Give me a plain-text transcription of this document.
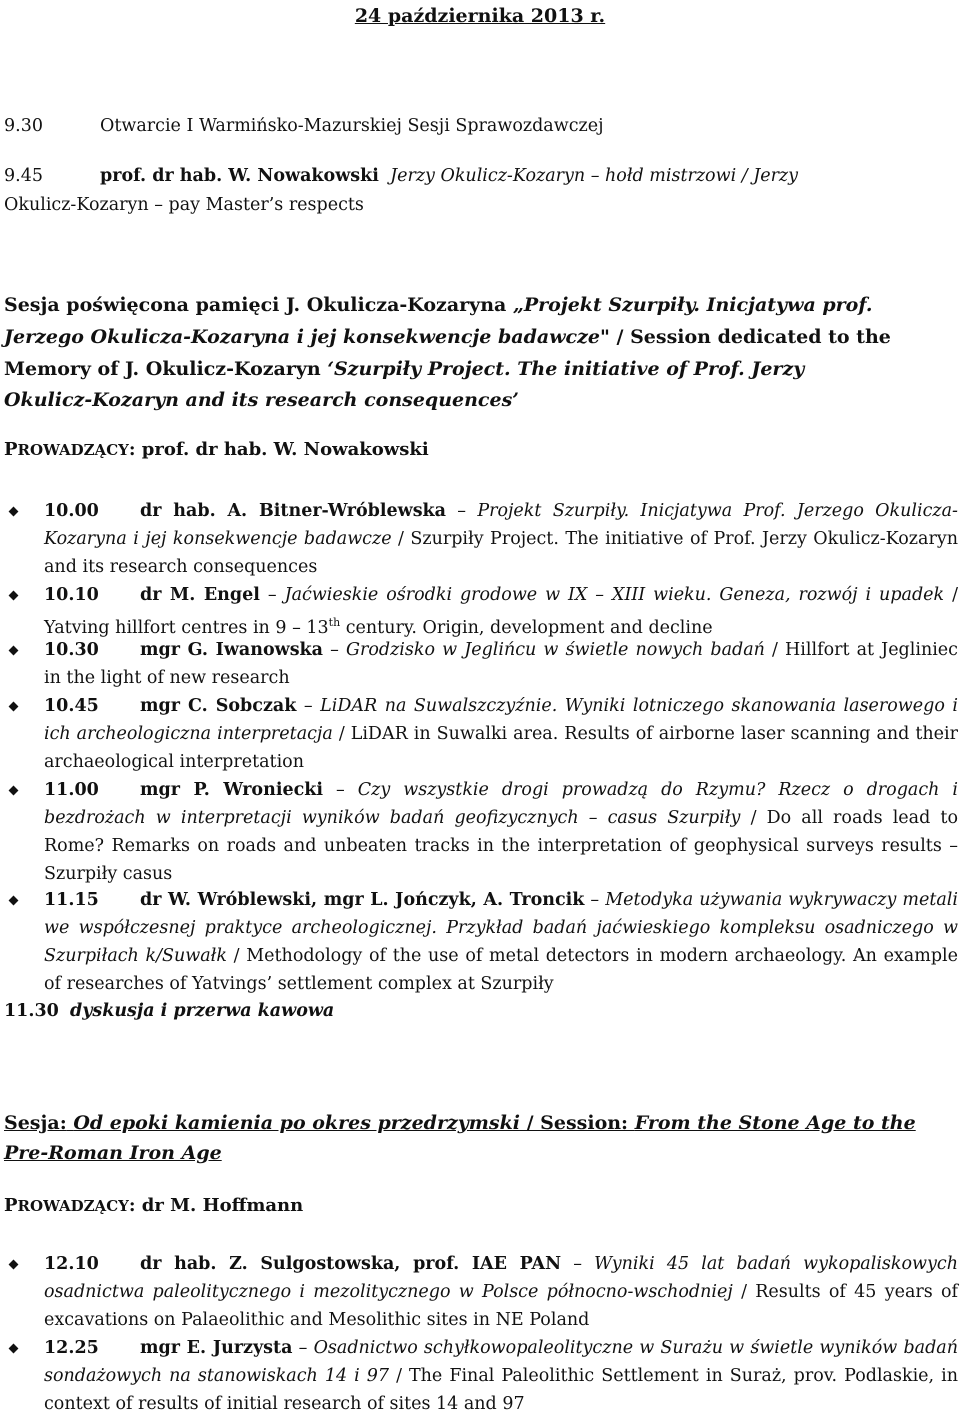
24 października 2013 r.
9.30	Otwarcie I Warmińsko-Mazurskiej Sesji Sprawozdawczej
9.45	prof. dr hab. W. Nowakowski Jerzy Okulicz-Kozaryn – hołd mistrzowi / Jerzy
Okulicz-Kozaryn – pay Master’s respects
Sesja poświęcona pamięci J. Okulicza-Kozaryna „Projekt Szurpiły. Inicjatywa prof.
Jerzego Okulicza-Kozaryna i jej konsekwencje badawcze" / Session dedicated to the
Memory of J. Okulicz-Kozaryn ‘Szurpiły Project. The initiative of Prof. Jerzy
Okulicz-Kozaryn and its research consequences’
PROWADZĄCY: prof. dr hab. W. Nowakowski
10.00 dr hab. A. Bitner-Wróblewska – Projekt Szurpiły. Inicjatywa Prof. Jerzego Okulicza-Kozaryna i jej konsekwencje badawcze / Szurpiły Project. The initiative of Prof. Jerzy Okulicz-Kozaryn and its research consequences
10.10 dr M. Engel – Jaćwieskie ośrodki grodowe w IX – XIII wieku. Geneza, rozwój i upadek / Yatving hillfort centres in 9 – 13th century. Origin, development and decline
10.30 mgr G. Iwanowska – Grodzisko w Jeglińcu w świetle nowych badań / Hillfort at Jegliniec in the light of new research
10.45 mgr C. Sobczak – LiDAR na Suwalszczyźnie. Wyniki lotniczego skanowania laserowego i ich archeologiczna interpretacja / LiDAR in Suwalki area. Results of airborne laser scanning and their archaeological interpretation
11.00 mgr P. Wroniecki – Czy wszystkie drogi prowadzą do Rzymu? Rzecz o drogach i bezdrożach w interpretacji wyników badań geofizycznych – casus Szurpiły / Do all roads lead to Rome? Remarks on roads and unbeaten tracks in the interpretation of geophysical surveys results – Szurpiły casus
11.15 dr W. Wróblewski, mgr L. Jończyk, A. Troncik – Metodyka używania wykrywaczy metali we współczesnej praktyce archeologicznej. Przykład badań jaćwieskiego kompleksu osadniczego w Szurpiłach k/Suwałk / Methodology of the use of metal detectors in modern archaeology. An example of researches of Yatvings’ settlement complex at Szurpiły
11.30 dyskusja i przerwa kawowa
Sesja: Od epoki kamienia po okres przedrzymski / Session: From the Stone Age to the Pre-Roman Iron Age
PROWADZĄCY: dr M. Hoffmann
12.10 dr hab. Z. Sulgostowska, prof. IAE PAN – Wyniki 45 lat badań wykopaliskowych osadnictwa paleolitycznego i mezolitycznego w Polsce północno-wschodniej / Results of 45 years of excavations on Palaeolithic and Mesolithic sites in NE Poland
12.25 mgr E. Jurzysta – Osadnictwo schyłkowopaleolityczne w Surażu w świetle wyników badań sondażowych na stanowiskach 14 i 97 / The Final Paleolithic Settlement in Suraż, prov. Podlaskie, in context of results of initial research of sites 14 and 97
